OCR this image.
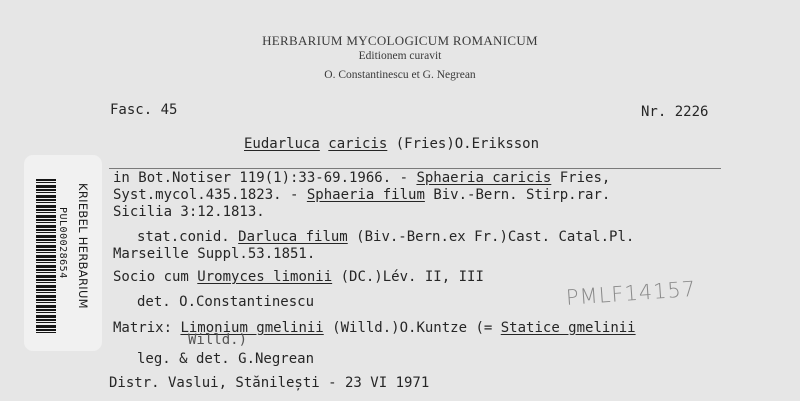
HERBARIUM MYCOLOGICUM ROMANICUM
Editionem curavit
O. Constantinescu et G. Negrean
Fasc. 45	Nr. 2226
Eudarluca caricis (Fries)O.Eriksson
in Bot.Notiser 119(1):33-69.1966. - Sphaeria caricis Fries,
Syst.mycol.435.1823. - Sphaeria filum Biv.-Bern. Stirp.rar.
Sicilia 3:12.1813.
stat.conid. Darluca filum (Biv.-Bern.ex Fr.)Cast. Catal.Pl.
Marseille Suppl.53.1851.
Socio cum Uromyces limonii (DC.)Lév. II, III
det. O.Constantinescu
Matrix: Limonium gmelinii (Willd.)O.Kuntze (= Statice gmelinii
Willd.)
leg. & det. G.Negrean
Distr. Vaslui, Stănilești - 23 VI 1971
PMLF14157
PUL00028654 KRIEBEL HERBARIUM
